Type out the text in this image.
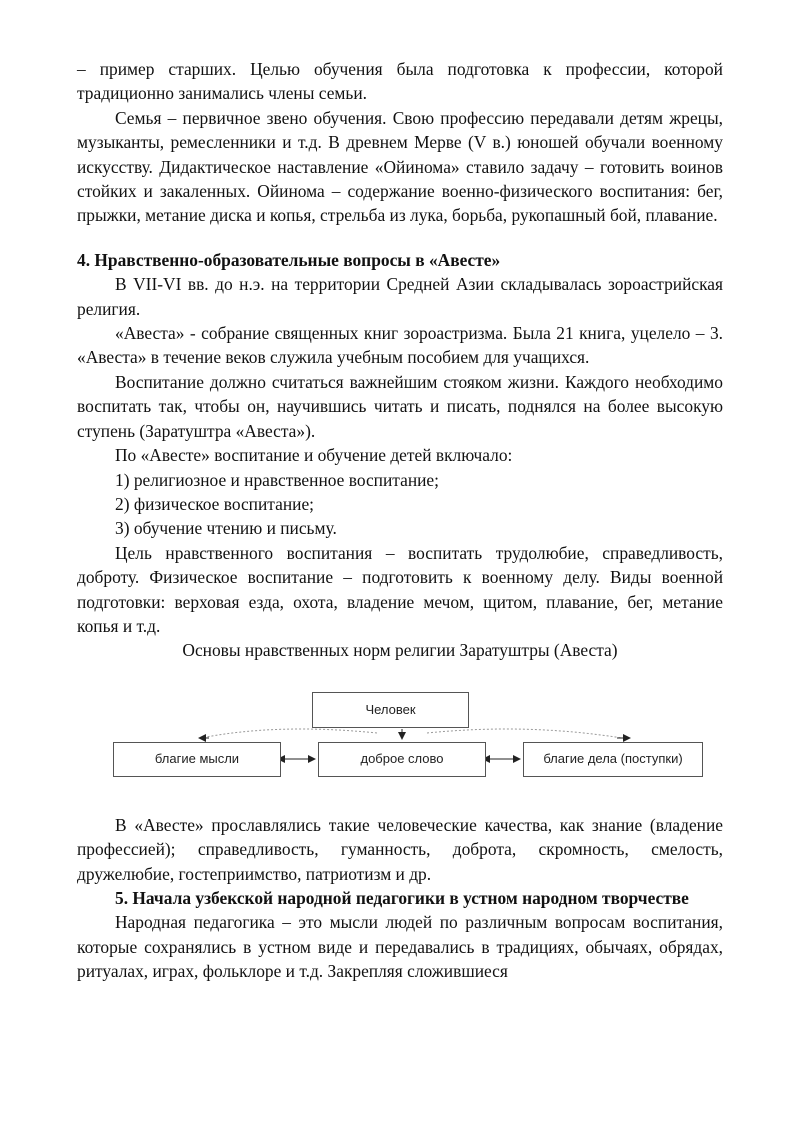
– пример старших. Целью обучения была подготовка к профессии, которой традиционно занимались члены семьи.

Семья – первичное звено обучения. Свою профессию передавали детям жрецы, музыканты, ремесленники и т.д. В древнем Мерве (V в.) юношей обучали военному искусству. Дидактическое наставление «Ойинома» ставило задачу – готовить воинов стойких и закаленных. Ойинома – содержание военно-физического воспитания: бег, прыжки, метание диска и копья, стрельба из лука, борьба, рукопашный бой, плавание.

4. Нравственно-образовательные вопросы в «Авесте»

В VII-VI вв. до н.э. на территории Средней Азии складывалась зороастрийская религия.

«Авеста» - собрание священных книг зороастризма. Была 21 книга, уцелело – 3. «Авеста» в течение веков служила учебным пособием для учащихся.

Воспитание должно считаться важнейшим стояком жизни. Каждого необходимо воспитать так, чтобы он, научившись читать и писать, поднялся на более высокую ступень (Заратуштра «Авеста»).

По «Авесте» воспитание и обучение детей включало:

1) религиозное и нравственное воспитание;

2) физическое воспитание;

3) обучение чтению и письму.

Цель нравственного воспитания – воспитать трудолюбие, справедливость, доброту. Физическое воспитание – подготовить к военному делу. Виды военной подготовки: верховая езда, охота, владение мечом, щитом, плавание, бег, метание копья и т.д.

Основы нравственных норм религии Заратуштры (Авеста)

Человек
благие мысли	доброе слово	благие дела (поступки)

В «Авесте» прославлялись такие человеческие качества, как знание (владение профессией); справедливость, гуманность, доброта, скромность, смелость, дружелюбие, гостеприимство, патриотизм и др.

5. Начала узбекской народной педагогики в устном народном творчестве

Народная педагогика – это мысли людей по различным вопросам воспитания, которые сохранялись в устном виде и передавались в традициях, обычаях, обрядах, ритуалах, играх, фольклоре и т.д. Закрепляя сложившиеся
